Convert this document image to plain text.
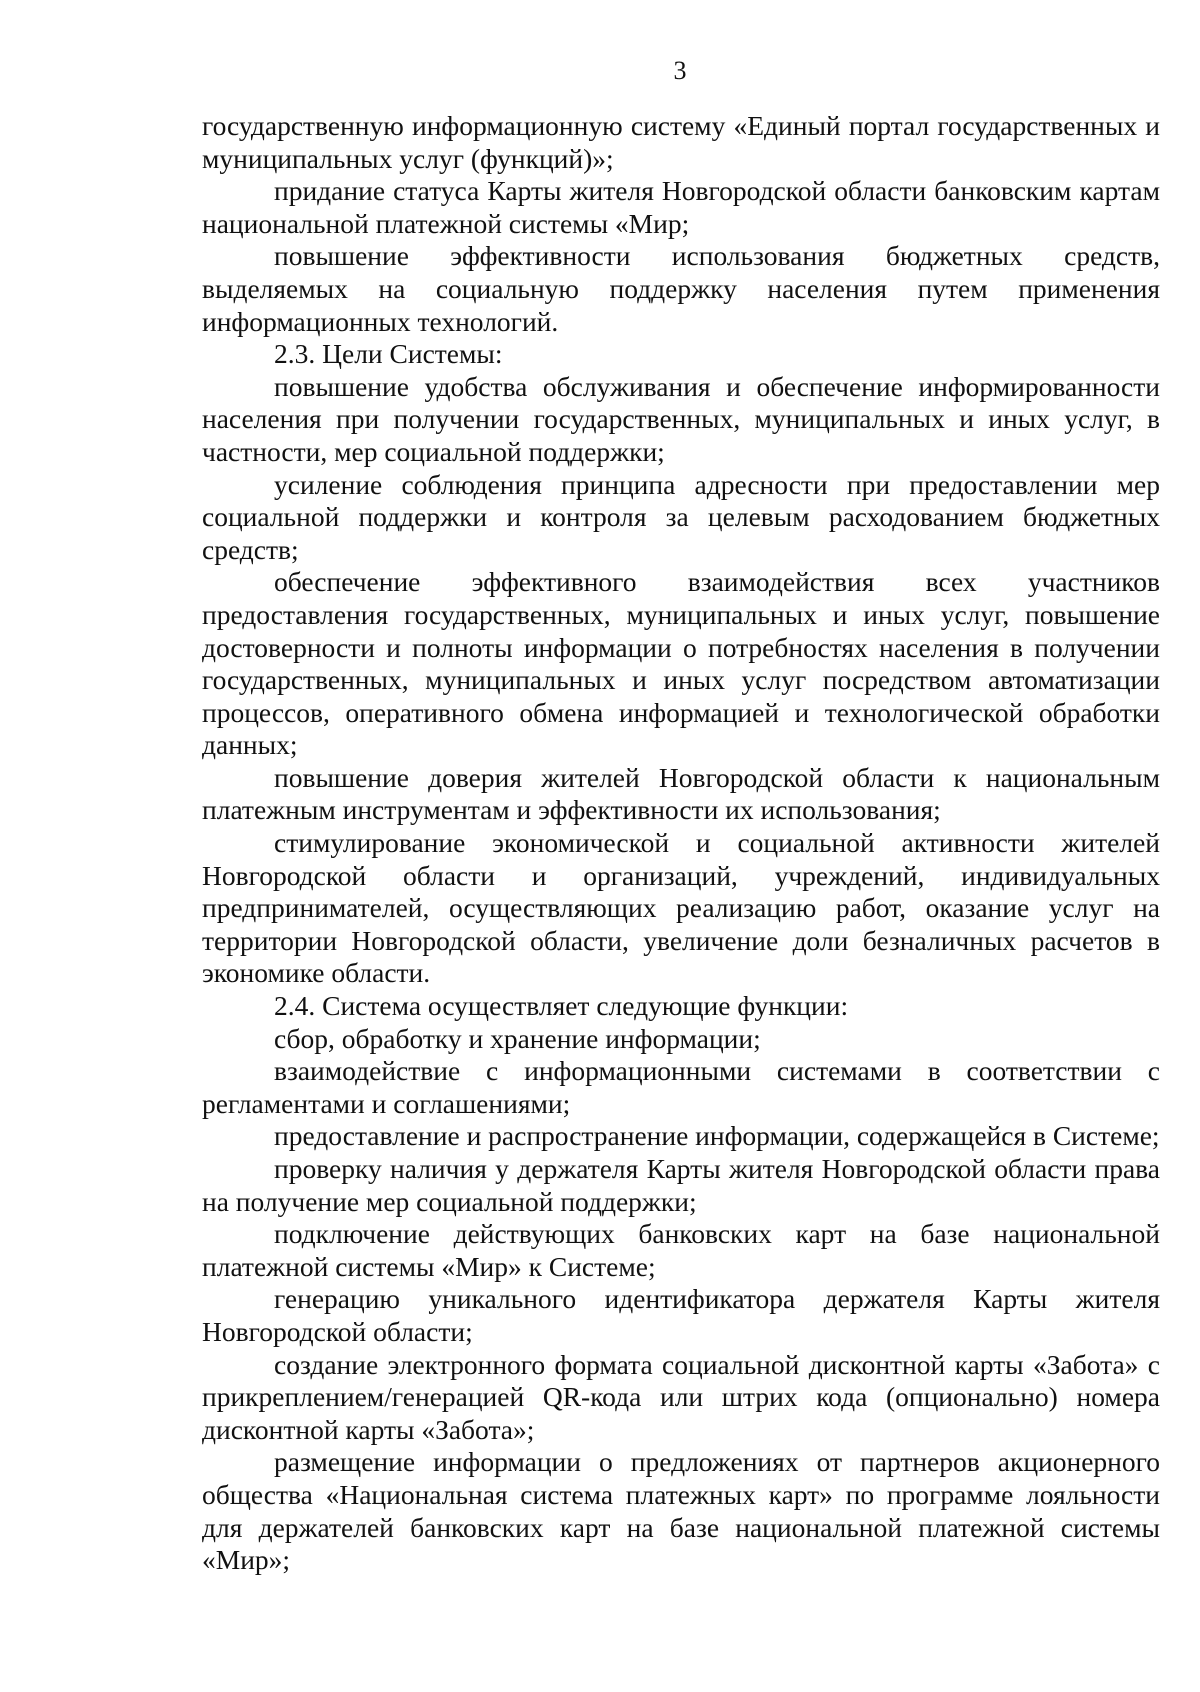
3

государственную информационную систему «Единый портал государственных и муниципальных услуг (функций)»;

придание статуса Карты жителя Новгородской области банковским картам национальной платежной системы «Мир;

повышение эффективности использования бюджетных средств, выделяемых на социальную поддержку населения путем применения информационных технологий.

2.3. Цели Системы:

повышение удобства обслуживания и обеспечение информированности населения при получении государственных, муниципальных и иных услуг, в частности, мер социальной поддержки;

усиление соблюдения принципа адресности при предоставлении мер социальной поддержки и контроля за целевым расходованием бюджетных средств;

обеспечение эффективного взаимодействия всех участников предоставления государственных, муниципальных и иных услуг, повышение достоверности и полноты информации о потребностях населения в получении государственных, муниципальных и иных услуг посредством автоматизации процессов, оперативного обмена информацией и технологической обработки данных;

повышение доверия жителей Новгородской области к национальным платежным инструментам и эффективности их использования;

стимулирование экономической и социальной активности жителей Новгородской области и организаций, учреждений, индивидуальных предпринимателей, осуществляющих реализацию работ, оказание услуг на территории Новгородской области, увеличение доли безналичных расчетов в экономике области.

2.4. Система осуществляет следующие функции:

сбор, обработку и хранение информации;

взаимодействие с информационными системами в соответствии с регламентами и соглашениями;

предоставление и распространение информации, содержащейся в Системе;

проверку наличия у держателя Карты жителя Новгородской области права на получение мер социальной поддержки;

подключение действующих банковских карт на базе национальной платежной системы «Мир» к Системе;

генерацию уникального идентификатора держателя Карты жителя Новгородской области;

создание электронного формата социальной дисконтной карты «Забота» с прикреплением/генерацией QR-кода или штрих кода (опционально) номера дисконтной карты «Забота»;

размещение информации о предложениях от партнеров акционерного общества «Национальная система платежных карт» по программе лояльности для держателей банковских карт на базе национальной платежной системы «Мир»;
